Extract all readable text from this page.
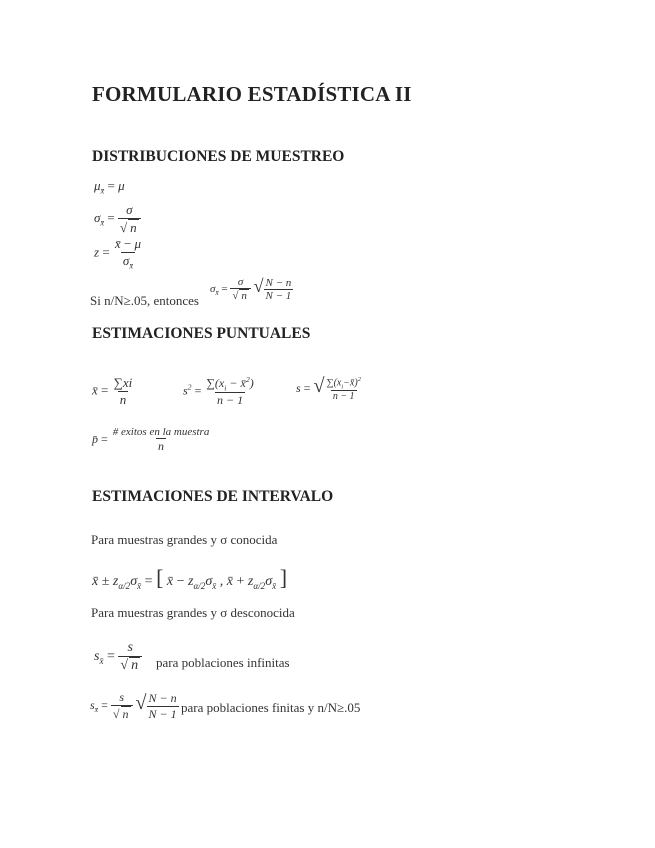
FORMULARIO ESTADÍSTICA II
DISTRIBUCIONES DE MUESTREO
$\mu_{x̄} = \mu$
$\sigma_{x̄} = \frac{\sigma}{√ n}$
$z = \frac{x̄ - \mu}{\sigma_{x̄}}$
Si n/N≥.05, entonces
$\sigma_{x̄} = \frac{\sigma}{√ n}$ √ $\frac{N - n}{N - 1}$
ESTIMACIONES PUNTUALES
x̄ = $\frac{\sum xi}{n}$	$s^2 = \frac{\sum(x_i - x̄^2)}{n - 1}$	s = √ $\frac{\sum(x_i-x̄)^2}{n - 1}$
p̄ = $\frac{\text{\# exitos en la muestra}}{n}$
ESTIMACIONES DE INTERVALO
Para muestras grandes y σ conocida
x̄ ± $z_{\alpha/2}\sigma_{x̄}$ = [ x̄ − $z_{\alpha/2}\sigma_{x̄}$ , x̄ + $z_{\alpha/2}\sigma_{x̄}$ ]
Para muestras grandes y σ desconocida
$s_{x̄} = \frac{s}{√ n}$ para poblaciones infinitas
$s_{x̄} = \frac{s}{√ n}$ √ $\frac{N - n}{N - 1}$ para poblaciones finitas y n/N≥.05
